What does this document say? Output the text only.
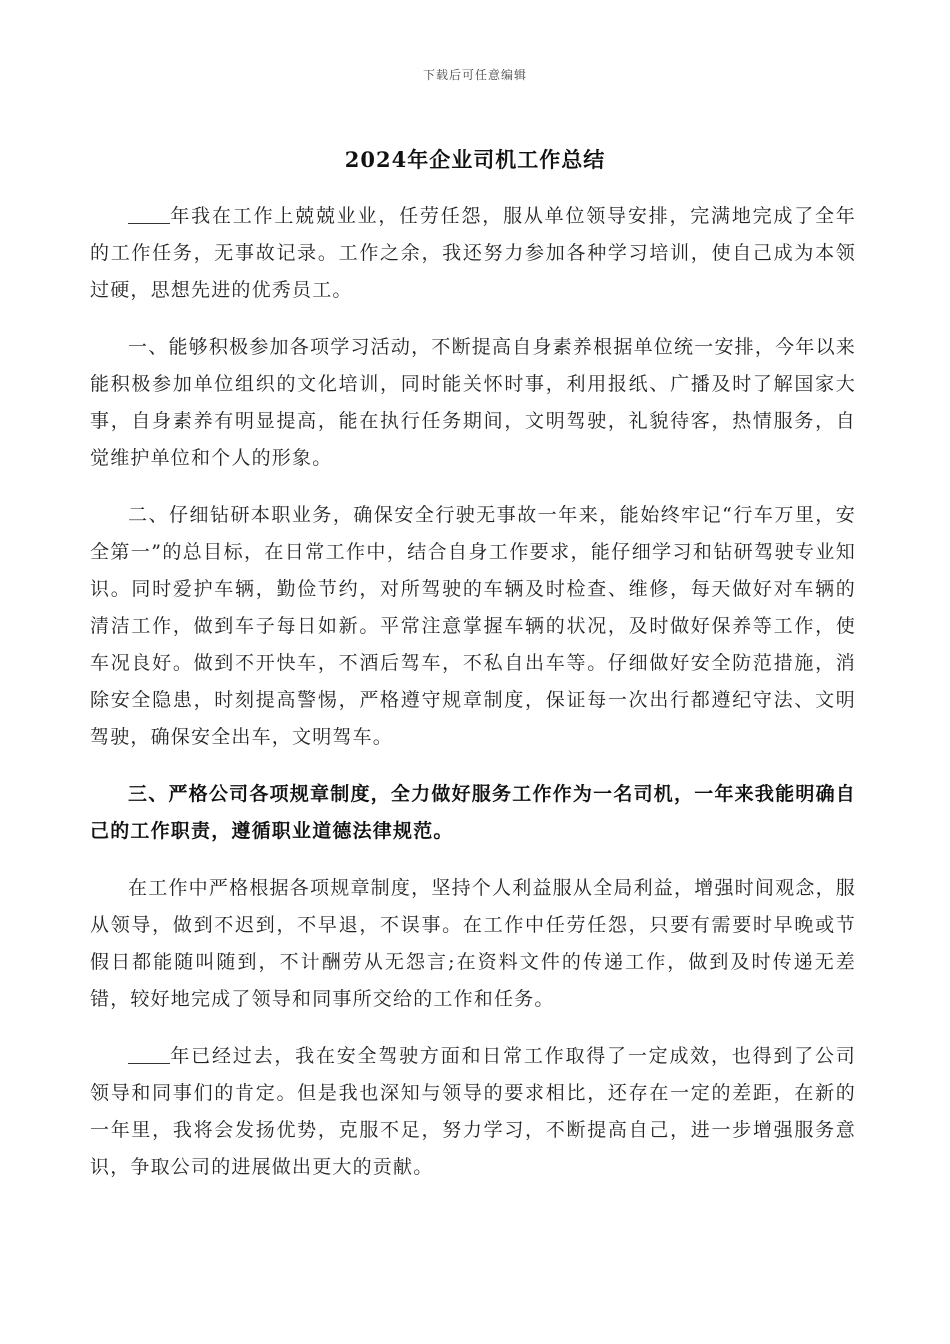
下载后可任意编辑
2024年企业司机工作总结

年我在工作上兢兢业业，任劳任怨，服从单位领导安排，完满地完成了全年的工作任务，无事故记录。工作之余，我还努力参加各种学习培训，使自己成为本领过硬，思想先进的优秀员工。

一、能够积极参加各项学习活动，不断提高自身素养根据单位统一安排，今年以来能积极参加单位组织的文化培训，同时能关怀时事，利用报纸、广播及时了解国家大事，自身素养有明显提高，能在执行任务期间，文明驾驶，礼貌待客，热情服务，自觉维护单位和个人的形象。

二、仔细钻研本职业务，确保安全行驶无事故一年来，能始终牢记“行车万里，安全第一”的总目标，在日常工作中，结合自身工作要求，能仔细学习和钻研驾驶专业知识。同时爱护车辆，勤俭节约，对所驾驶的车辆及时检查、维修，每天做好对车辆的清洁工作，做到车子每日如新。平常注意掌握车辆的状况，及时做好保养等工作，使车况良好。做到不开快车，不酒后驾车，不私自出车等。仔细做好安全防范措施，消除安全隐患，时刻提高警惕，严格遵守规章制度，保证每一次出行都遵纪守法、文明驾驶，确保安全出车，文明驾车。

三、严格公司各项规章制度，全力做好服务工作作为一名司机，一年来我能明确自己的工作职责，遵循职业道德法律规范。

在工作中严格根据各项规章制度，坚持个人利益服从全局利益，增强时间观念，服从领导，做到不迟到，不早退，不误事。在工作中任劳任怨，只要有需要时早晚或节假日都能随叫随到，不计酬劳从无怨言;在资料文件的传递工作，做到及时传递无差错，较好地完成了领导和同事所交给的工作和任务。

年已经过去，我在安全驾驶方面和日常工作取得了一定成效，也得到了公司领导和同事们的肯定。但是我也深知与领导的要求相比，还存在一定的差距，在新的一年里，我将会发扬优势，克服不足，努力学习，不断提高自己，进一步增强服务意识，争取公司的进展做出更大的贡献。
